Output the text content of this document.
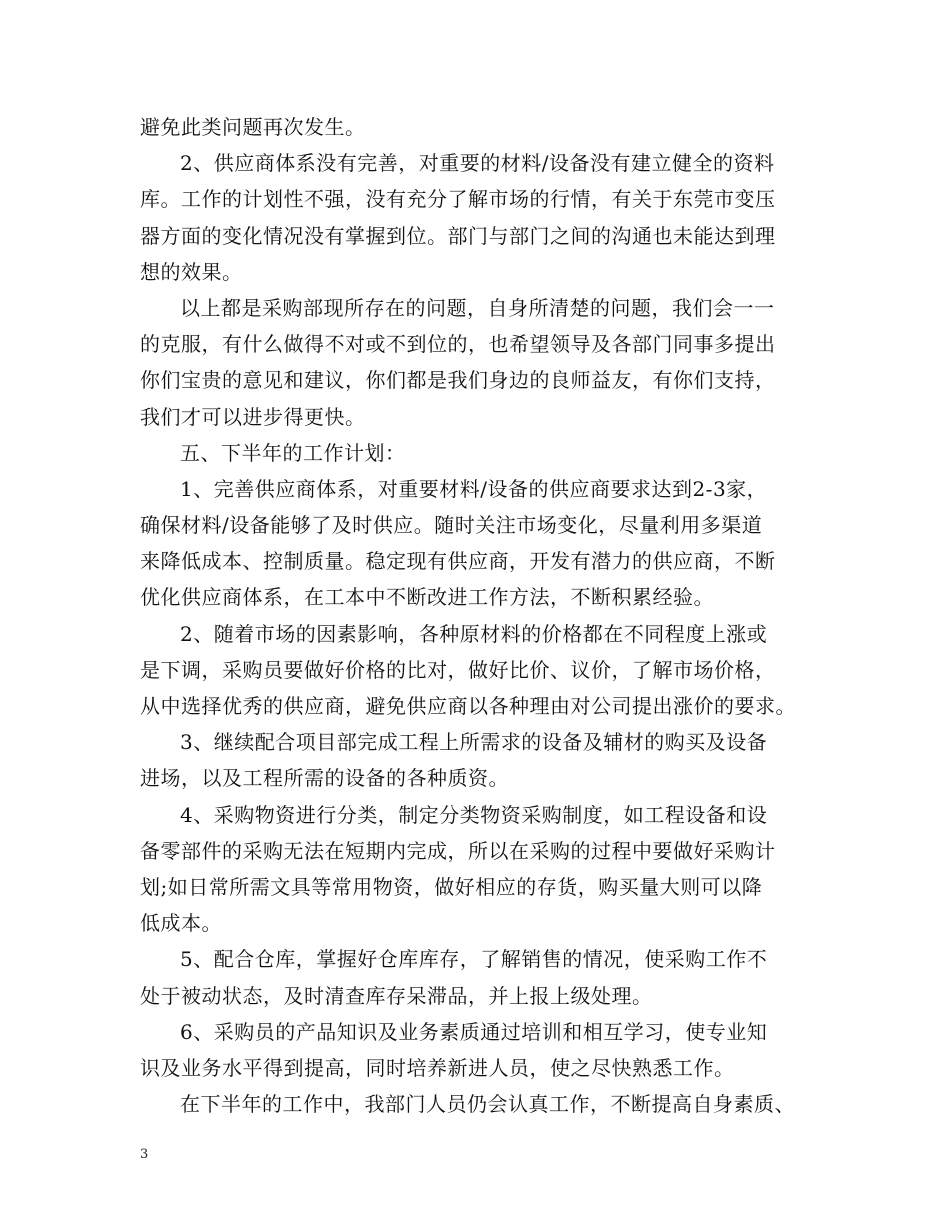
避免此类问题再次发生。
2、供应商体系没有完善，对重要的材料/设备没有建立健全的资料
库。工作的计划性不强，没有充分了解市场的行情，有关于东莞市变压
器方面的变化情况没有掌握到位。部门与部门之间的沟通也未能达到理
想的效果。
以上都是采购部现所存在的问题，自身所清楚的问题，我们会一一
的克服，有什么做得不对或不到位的，也希望领导及各部门同事多提出
你们宝贵的意见和建议，你们都是我们身边的良师益友，有你们支持，
我们才可以进步得更快。
五、下半年的工作计划：
1、完善供应商体系，对重要材料/设备的供应商要求达到2-3家，
确保材料/设备能够了及时供应。随时关注市场变化，尽量利用多渠道
来降低成本、控制质量。稳定现有供应商，开发有潜力的供应商，不断
优化供应商体系，在工本中不断改进工作方法，不断积累经验。
2、随着市场的因素影响，各种原材料的价格都在不同程度上涨或
是下调，采购员要做好价格的比对，做好比价、议价，了解市场价格，
从中选择优秀的供应商，避免供应商以各种理由对公司提出涨价的要求。
3、继续配合项目部完成工程上所需求的设备及辅材的购买及设备
进场，以及工程所需的设备的各种质资。
4、采购物资进行分类，制定分类物资采购制度，如工程设备和设
备零部件的采购无法在短期内完成，所以在采购的过程中要做好采购计
划;如日常所需文具等常用物资，做好相应的存货，购买量大则可以降
低成本。
5、配合仓库，掌握好仓库库存，了解销售的情况，使采购工作不
处于被动状态，及时清查库存呆滞品，并上报上级处理。
6、采购员的产品知识及业务素质通过培训和相互学习，使专业知
识及业务水平得到提高，同时培养新进人员，使之尽快熟悉工作。
在下半年的工作中，我部门人员仍会认真工作，不断提高自身素质、
3
